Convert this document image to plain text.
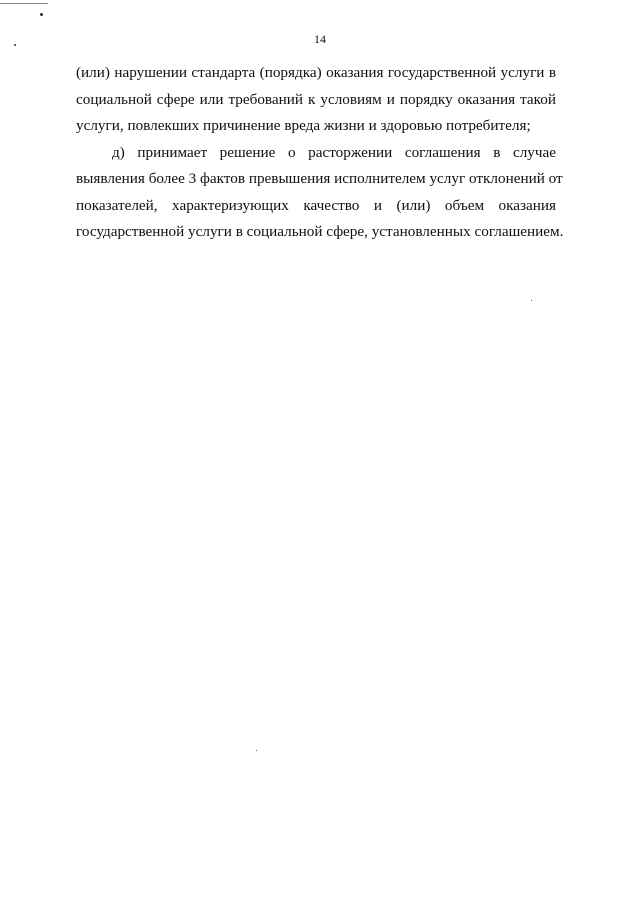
14
(или) нарушении стандарта (порядка) оказания государственной услуги в
социальной сфере или требований к условиям и порядку оказания такой
услуги, повлекших причинение вреда жизни и здоровью потребителя;
д) принимает решение о расторжении соглашения в случае
выявления более 3 фактов превышения исполнителем услуг отклонений от
показателей, характеризующих качество и (или) объем оказания
государственной услуги в социальной сфере, установленных соглашением.
